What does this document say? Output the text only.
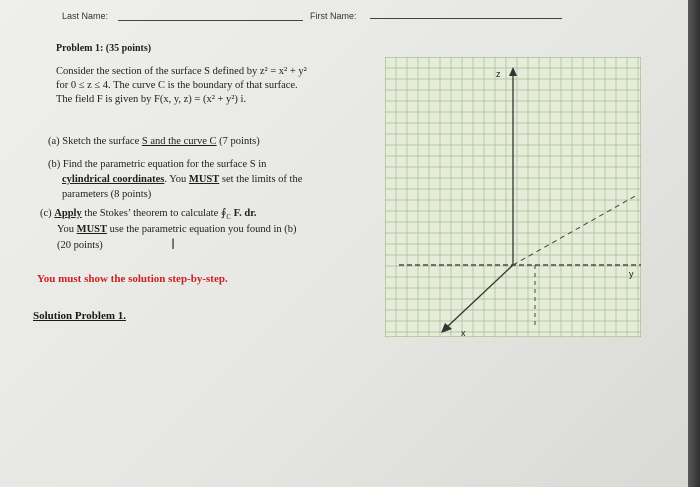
Last Name:	First Name:
Problem 1: (35 points)
Consider the section of the surface S defined by z² = x² + y²
for 0 ≤ z ≤ 4. The curve C is the boundary of that surface.
The field F is given by F(x, y, z) = (x² + y²) i.
(a) Sketch the surface S and the curve C (7 points)
(b) Find the parametric equation for the surface S in
cylindrical coordinates. You MUST set the limits of the
parameters (8 points)
(c) Apply the Stokes’ theorem to calculate $∮_C$ F. dr.
You MUST use the parametric equation you found in (b)
(20 points)	I
You must show the solution step-by-step.
Solution Problem 1.
z
y
x
